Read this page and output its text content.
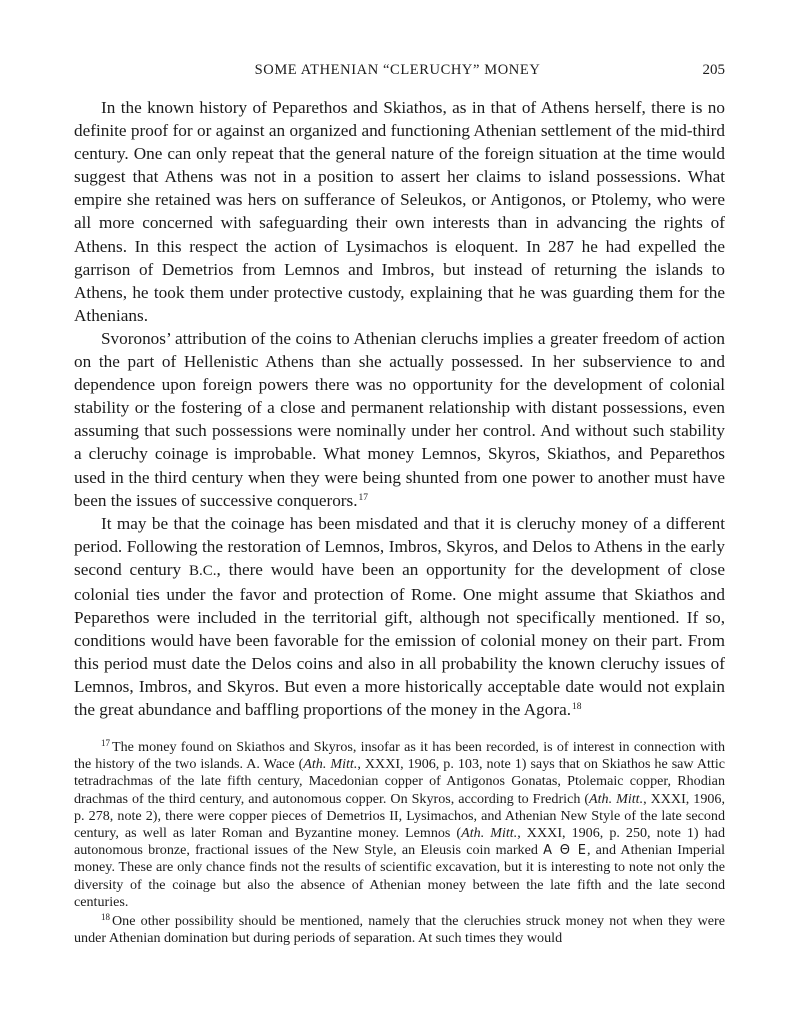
SOME ATHENIAN “CLERUCHY” MONEY	205

In the known history of Peparethos and Skiathos, as in that of Athens herself, there is no definite proof for or against an organized and functioning Athenian settlement of the mid-third century. One can only repeat that the general nature of the foreign situation at the time would suggest that Athens was not in a position to assert her claims to island possessions. What empire she retained was hers on sufferance of Seleukos, or Antigonos, or Ptolemy, who were all more concerned with safeguarding their own interests than in advancing the rights of Athens. In this respect the action of Lysimachos is eloquent. In 287 he had expelled the garrison of Demetrios from Lemnos and Imbros, but instead of returning the islands to Athens, he took them under protective custody, explaining that he was guarding them for the Athenians.

Svoronos’ attribution of the coins to Athenian cleruchs implies a greater freedom of action on the part of Hellenistic Athens than she actually possessed. In her subservience to and dependence upon foreign powers there was no opportunity for the development of colonial stability or the fostering of a close and permanent relationship with distant possessions, even assuming that such possessions were nominally under her control. And without such stability a cleruchy coinage is improbable. What money Lemnos, Skyros, Skiathos, and Peparethos used in the third century when they were being shunted from one power to another must have been the issues of successive conquerors.$^{17}$

It may be that the coinage has been misdated and that it is cleruchy money of a different period. Following the restoration of Lemnos, Imbros, Skyros, and Delos to Athens in the early second century B.C., there would have been an opportunity for the development of close colonial ties under the favor and protection of Rome. One might assume that Skiathos and Peparethos were included in the territorial gift, although not specifically mentioned. If so, conditions would have been favorable for the emission of colonial money on their part. From this period must date the Delos coins and also in all probability the known cleruchy issues of Lemnos, Imbros, and Skyros. But even a more historically acceptable date would not explain the great abundance and baffling proportions of the money in the Agora.$^{18}$

$^{17}$ The money found on Skiathos and Skyros, insofar as it has been recorded, is of interest in connection with the history of the two islands. A. Wace (Ath. Mitt., XXXI, 1906, p. 103, note 1) says that on Skiathos he saw Attic tetradrachmas of the late fifth century, Macedonian copper of Antigonos Gonatas, Ptolemaic copper, Rhodian drachmas of the third century, and autonomous copper. On Skyros, according to Fredrich (Ath. Mitt., XXXI, 1906, p. 278, note 2), there were copper pieces of Demetrios II, Lysimachos, and Athenian New Style of the late second century, as well as later Roman and Byzantine money. Lemnos (Ath. Mitt., XXXI, 1906, p. 250, note 1) had autonomous bronze, fractional issues of the New Style, an Eleusis coin marked Α Θ Ε, and Athenian Imperial money. These are only chance finds not the results of scientific excavation, but it is interesting to note not only the diversity of the coinage but also the absence of Athenian money between the late fifth and the late second centuries.

$^{18}$ One other possibility should be mentioned, namely that the cleruchies struck money not when they were under Athenian domination but during periods of separation. At such times they would
